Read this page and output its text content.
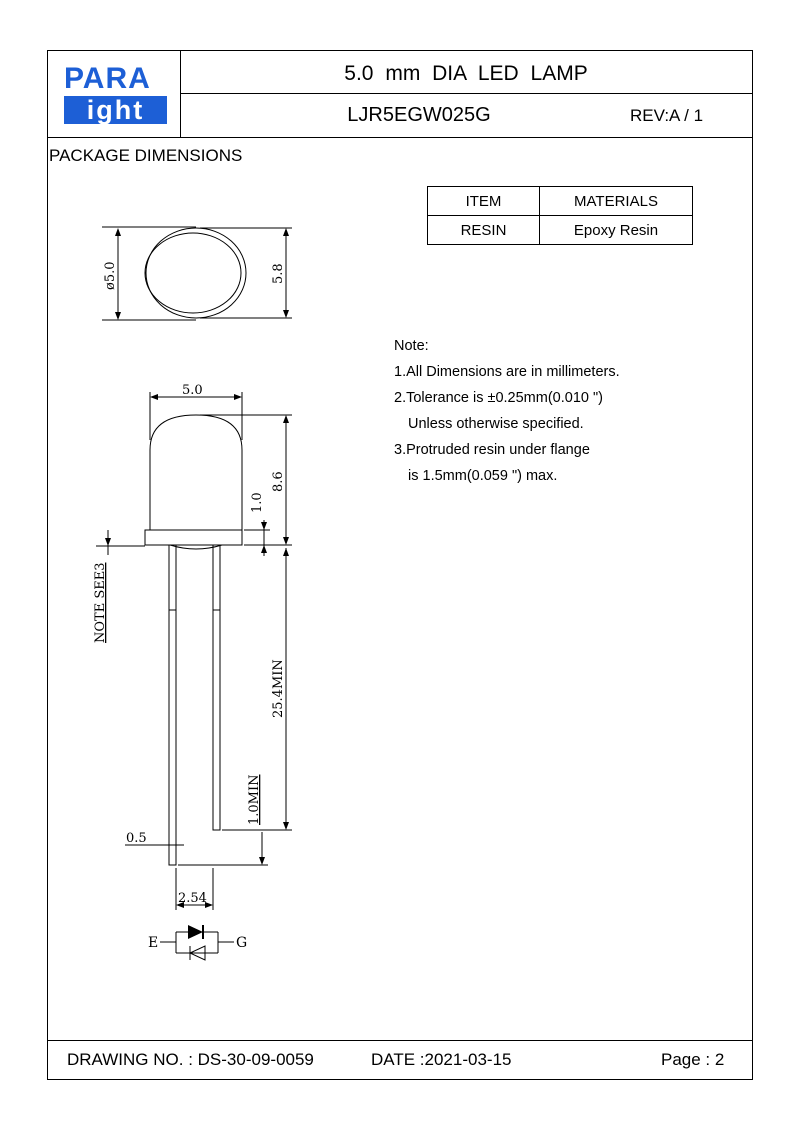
PARA
ight
5.0 mm DIA LED LAMP
LJR5EGW025G	REV:A / 1
PACKAGE DIMENSIONS
ITEM	MATERIALS
RESIN	Epoxy Resin
Note:
1.All Dimensions are in millimeters.
2.Tolerance is ±0.25mm(0.010 ")
Unless otherwise specified.
3.Protruded resin under flange
is 1.5mm(0.059 ") max.
ø5.0	5.8
5.0
8.6
1.0
NOTE SEE3
25.4MIN
1.0MIN
0.5
2.54
E	G
DRAWING NO. : DS-30-09-0059	DATE :2021-03-15	Page : 2
